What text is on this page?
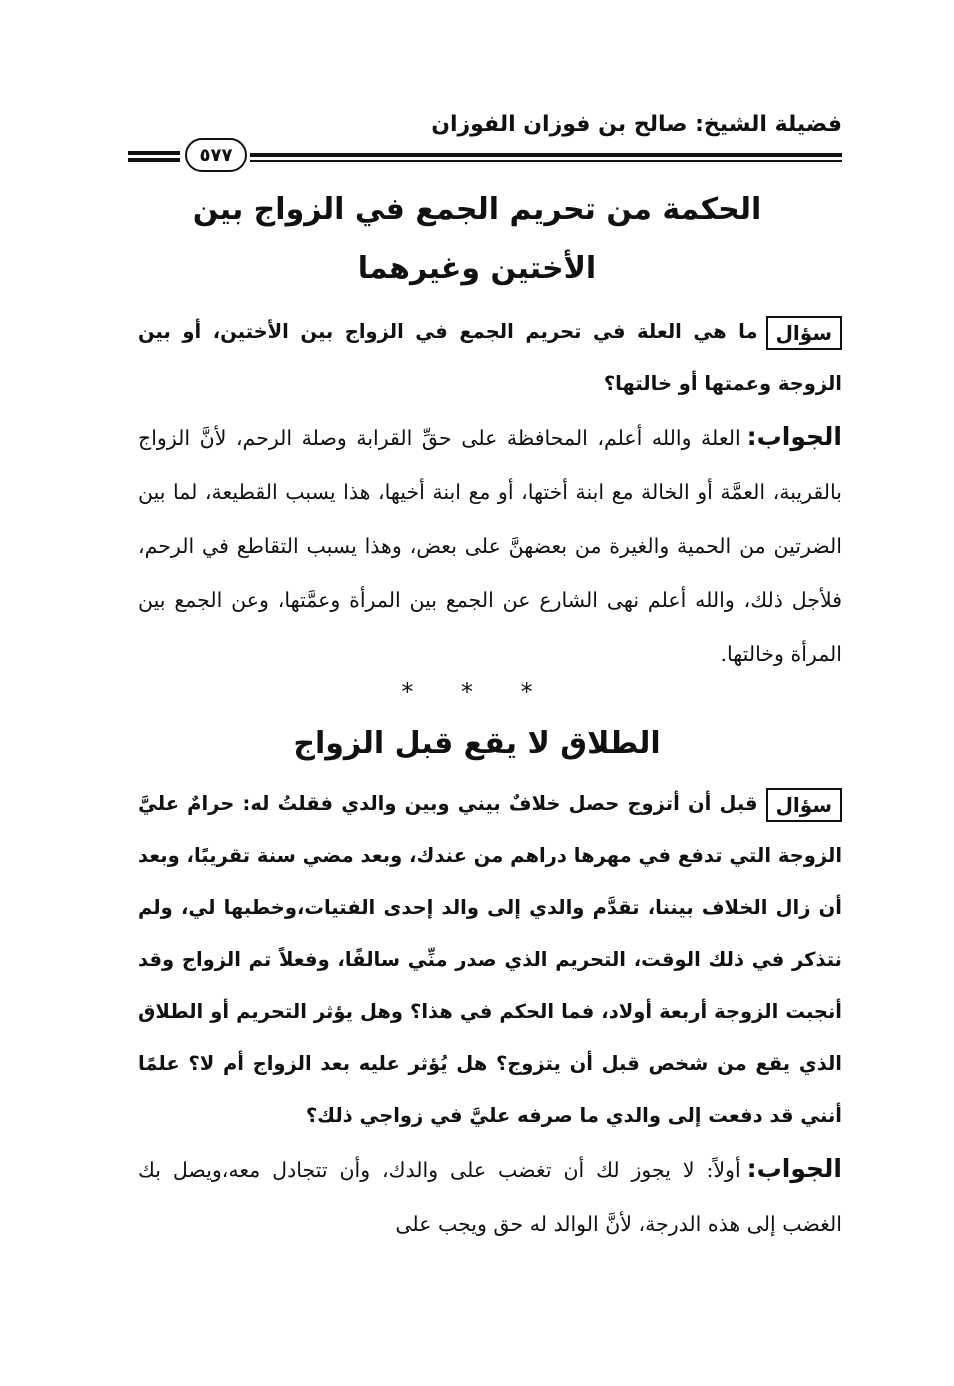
فضيلة الشيخ: صالح بن فوزان الفوزان
٥٧٧
الحكمة من تحريم الجمع في الزواج بين
الأختين وغيرهما
سؤالما هي العلة في تحريم الجمع في الزواج بين الأختين، أو بين الزوجة وعمتها أو خالتها؟
الجواب:العلة والله أعلم، المحافظة على حقِّ القرابة وصلة الرحم، لأنَّ الزواج بالقريبة، العمَّة أو الخالة مع ابنة أختها، أو مع ابنة أخيها، هذا يسبب القطيعة، لما بين الضرتين من الحمية والغيرة من بعضهنَّ على بعض، وهذا يسبب التقاطع في الرحم، فلأجل ذلك، والله أعلم نهى الشارع عن الجمع بين المرأة وعمَّتها، وعن الجمع بين المرأة وخالتها.
* * *
الطلاق لا يقع قبل الزواج
سؤالقبل أن أتزوج حصل خلافٌ بيني وبين والدي فقلتُ له: حرامٌ عليَّ الزوجة التي تدفع في مهرها دراهم من عندك، وبعد مضي سنة تقريبًا، وبعد أن زال الخلاف بيننا، تقدَّم والدي إلى والد إحدى الفتيات،وخطبها لي، ولم نتذكر في ذلك الوقت، التحريم الذي صدر منِّي سالفًا، وفعلاً تم الزواج وقد أنجبت الزوجة أربعة أولاد، فما الحكم في هذا؟ وهل يؤثر التحريم أو الطلاق الذي يقع من شخص قبل أن يتزوج؟ هل يُؤثر عليه بعد الزواج أم لا؟ علمًا أنني قد دفعت إلى والدي ما صرفه عليَّ في زواجي ذلك؟
الجواب:أولاً: لا يجوز لك أن تغضب على والدك، وأن تتجادل معه،ويصل بك الغضب إلى هذه الدرجة، لأنَّ الوالد له حق ويجب على
